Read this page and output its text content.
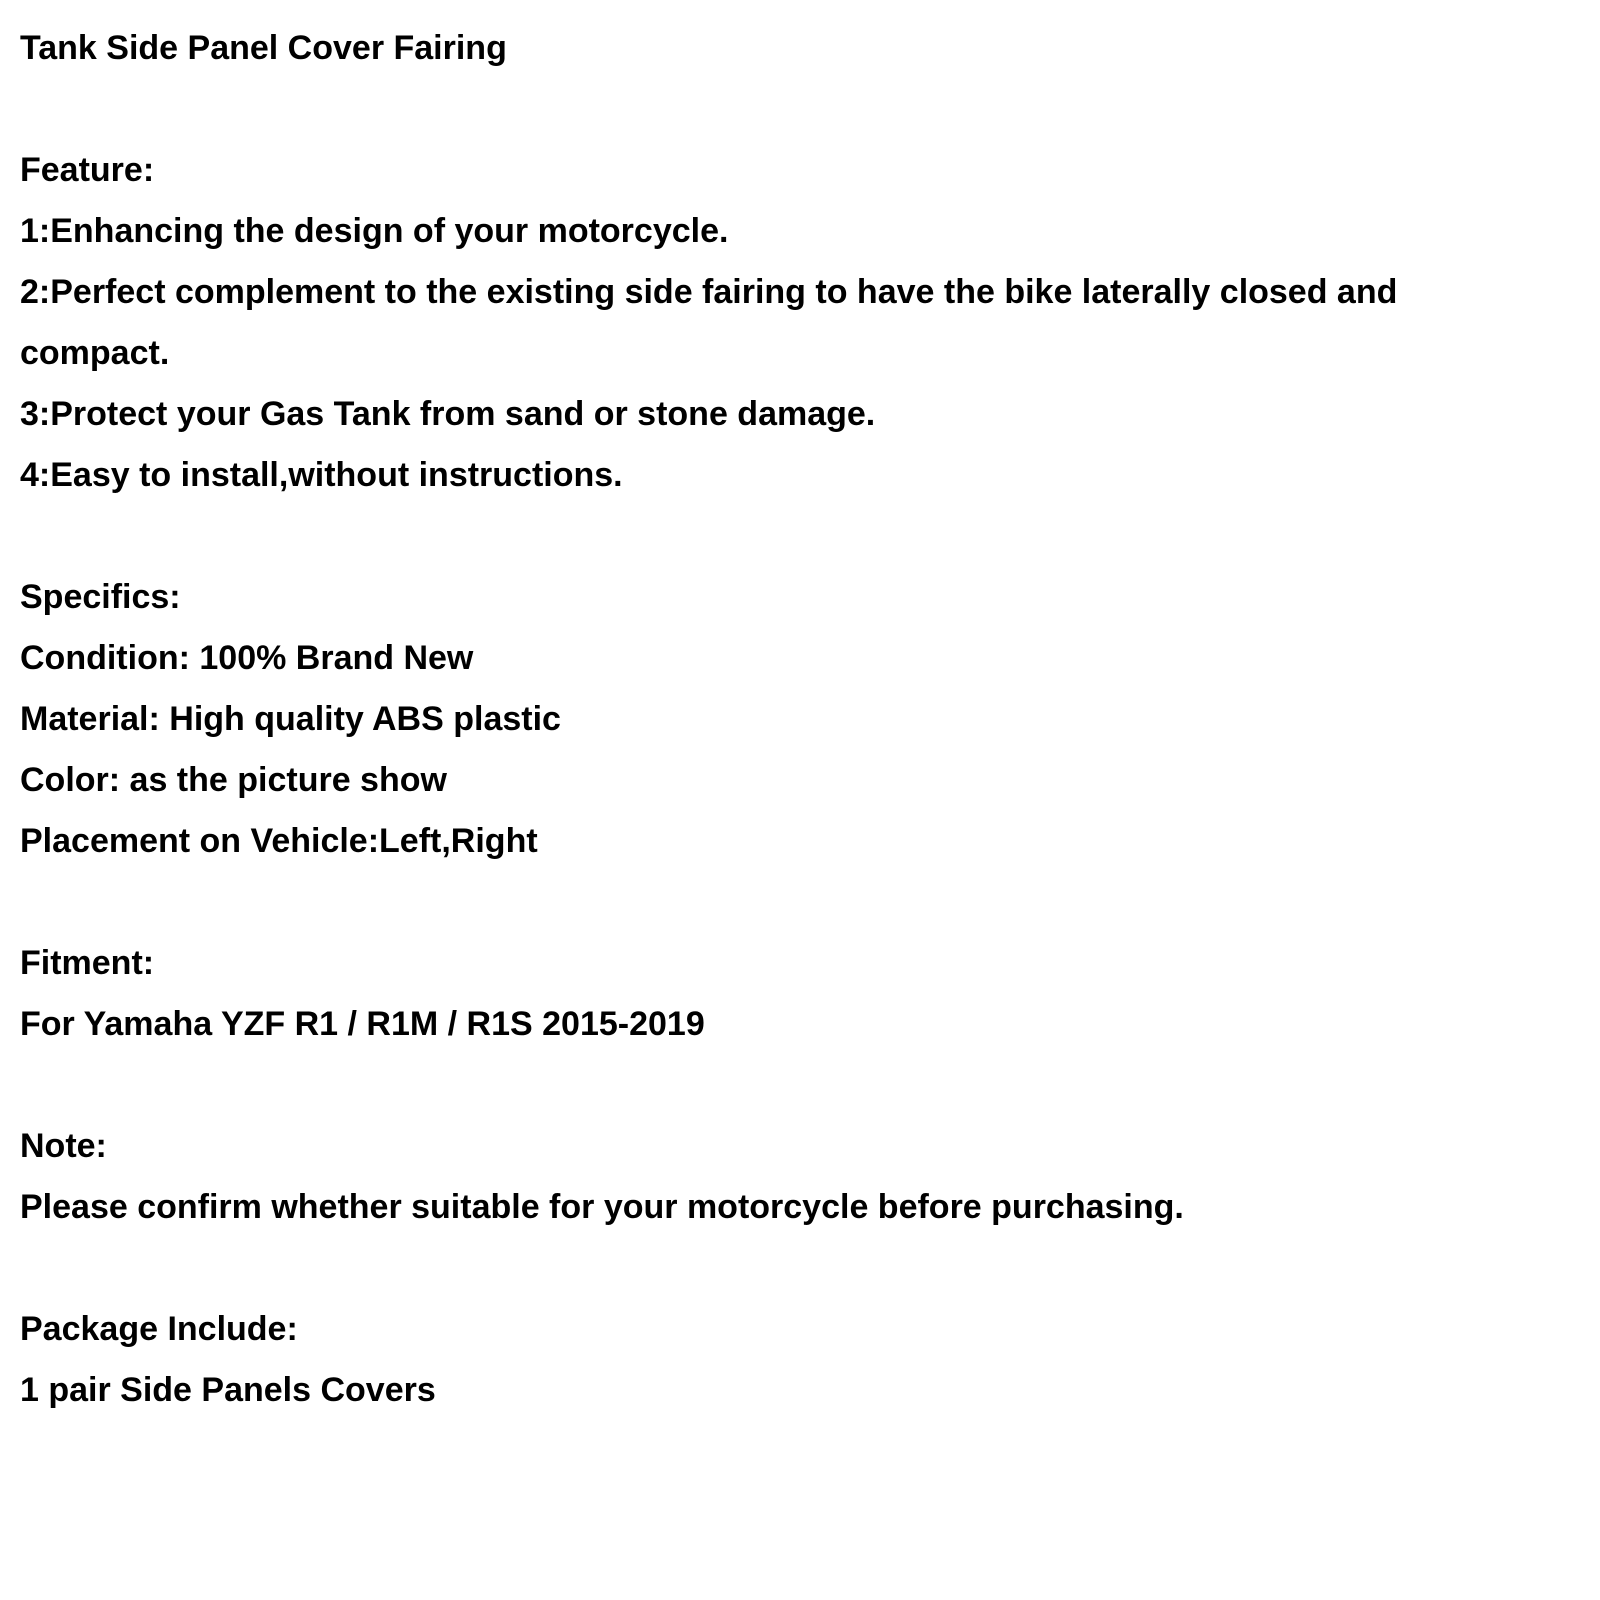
Tank Side Panel Cover Fairing
Feature:
1:Enhancing the design of your motorcycle.
2:Perfect complement to the existing side fairing to have the bike laterally closed and compact.
3:Protect your Gas Tank from sand or stone damage.
4:Easy to install,without instructions.
Specifics:
Condition: 100% Brand New
Material: High quality ABS plastic
Color: as the picture show
Placement on Vehicle:Left,Right
Fitment:
For Yamaha YZF R1 / R1M / R1S 2015-2019
Note:
Please confirm whether suitable for your motorcycle before purchasing.
Package Include:
1 pair Side Panels Covers
